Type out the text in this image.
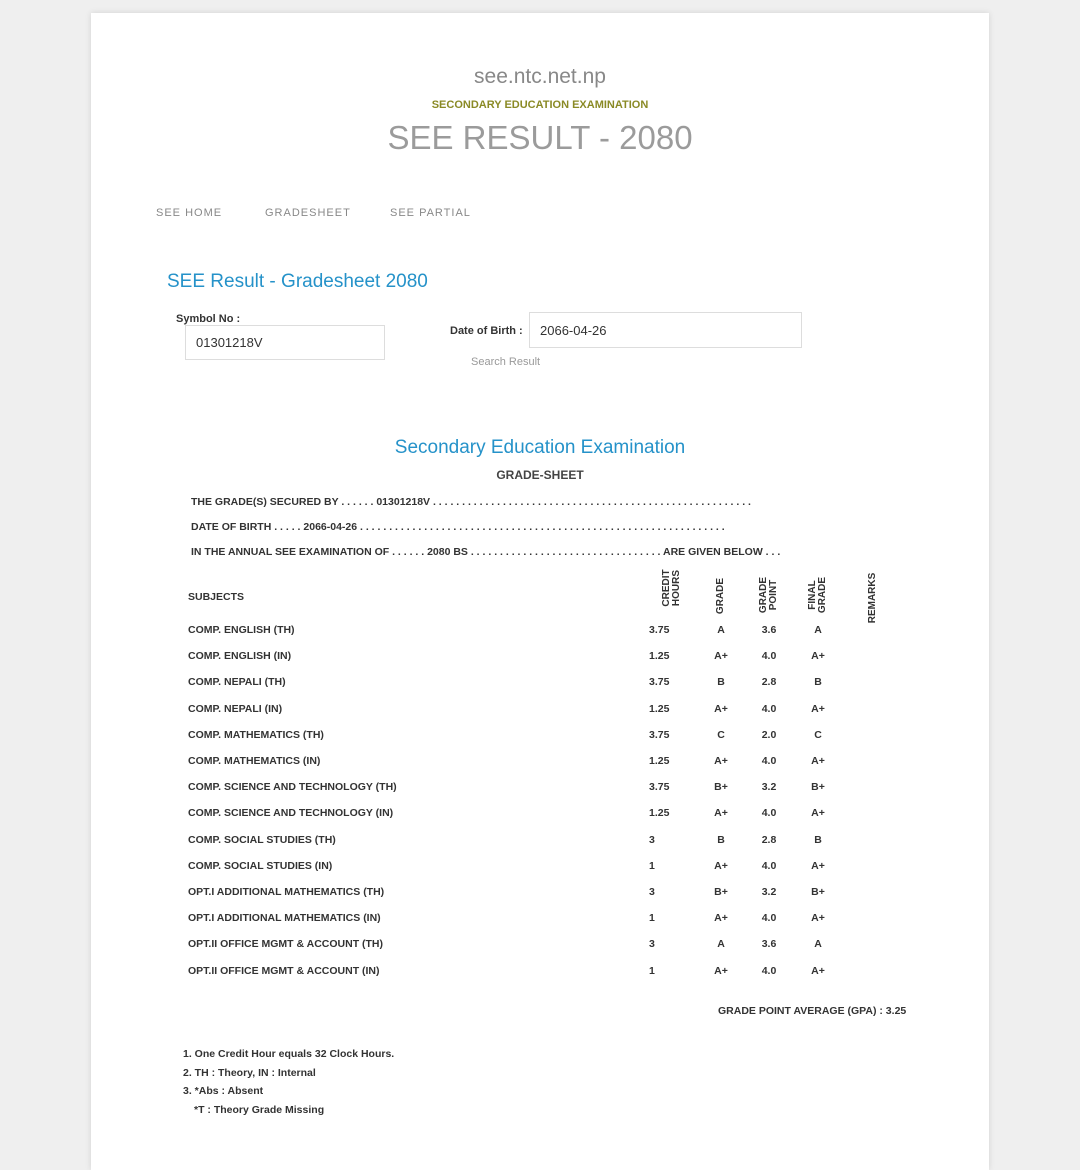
see.ntc.net.np
SECONDARY EDUCATION EXAMINATION
SEE RESULT - 2080
SEE HOME	GRADESHEET	SEE PARTIAL
SEE Result - Gradesheet 2080
Symbol No :
01301218V
Date of Birth :
2066-04-26
Search Result
Secondary Education Examination
GRADE-SHEET
THE GRADE(S) SECURED BY . . . . . . 01301218V . . . . . . . . . . . . . . . . . . . . . . . . . . . . . . . . . . . . . . . . . . . . . . . . . . . . . . .
DATE OF BIRTH . . . . . 2066-04-26 . . . . . . . . . . . . . . . . . . . . . . . . . . . . . . . . . . . . . . . . . . . . . . . . . . . . . . . . . . . . . . .
IN THE ANNUAL SEE EXAMINATION OF . . . . . . 2080 BS . . . . . . . . . . . . . . . . . . . . . . . . . . . . . . . . . ARE GIVEN BELOW . . .
SUBJECTS	CREDIT HOURS	GRADE	GRADE POINT	FINAL GRADE	REMARKS
COMP. ENGLISH (TH)	3.75	A	3.6	A
COMP. ENGLISH (IN)	1.25	A+	4.0	A+
COMP. NEPALI (TH)	3.75	B	2.8	B
COMP. NEPALI (IN)	1.25	A+	4.0	A+
COMP. MATHEMATICS (TH)	3.75	C	2.0	C
COMP. MATHEMATICS (IN)	1.25	A+	4.0	A+
COMP. SCIENCE AND TECHNOLOGY (TH)	3.75	B+	3.2	B+
COMP. SCIENCE AND TECHNOLOGY (IN)	1.25	A+	4.0	A+
COMP. SOCIAL STUDIES (TH)	3	B	2.8	B
COMP. SOCIAL STUDIES (IN)	1	A+	4.0	A+
OPT.I ADDITIONAL MATHEMATICS (TH)	3	B+	3.2	B+
OPT.I ADDITIONAL MATHEMATICS (IN)	1	A+	4.0	A+
OPT.II OFFICE MGMT & ACCOUNT (TH)	3	A	3.6	A
OPT.II OFFICE MGMT & ACCOUNT (IN)	1	A+	4.0	A+
GRADE POINT AVERAGE (GPA) : 3.25
1. One Credit Hour equals 32 Clock Hours.
2. TH : Theory, IN : Internal
3. *Abs : Absent
*T : Theory Grade Missing
